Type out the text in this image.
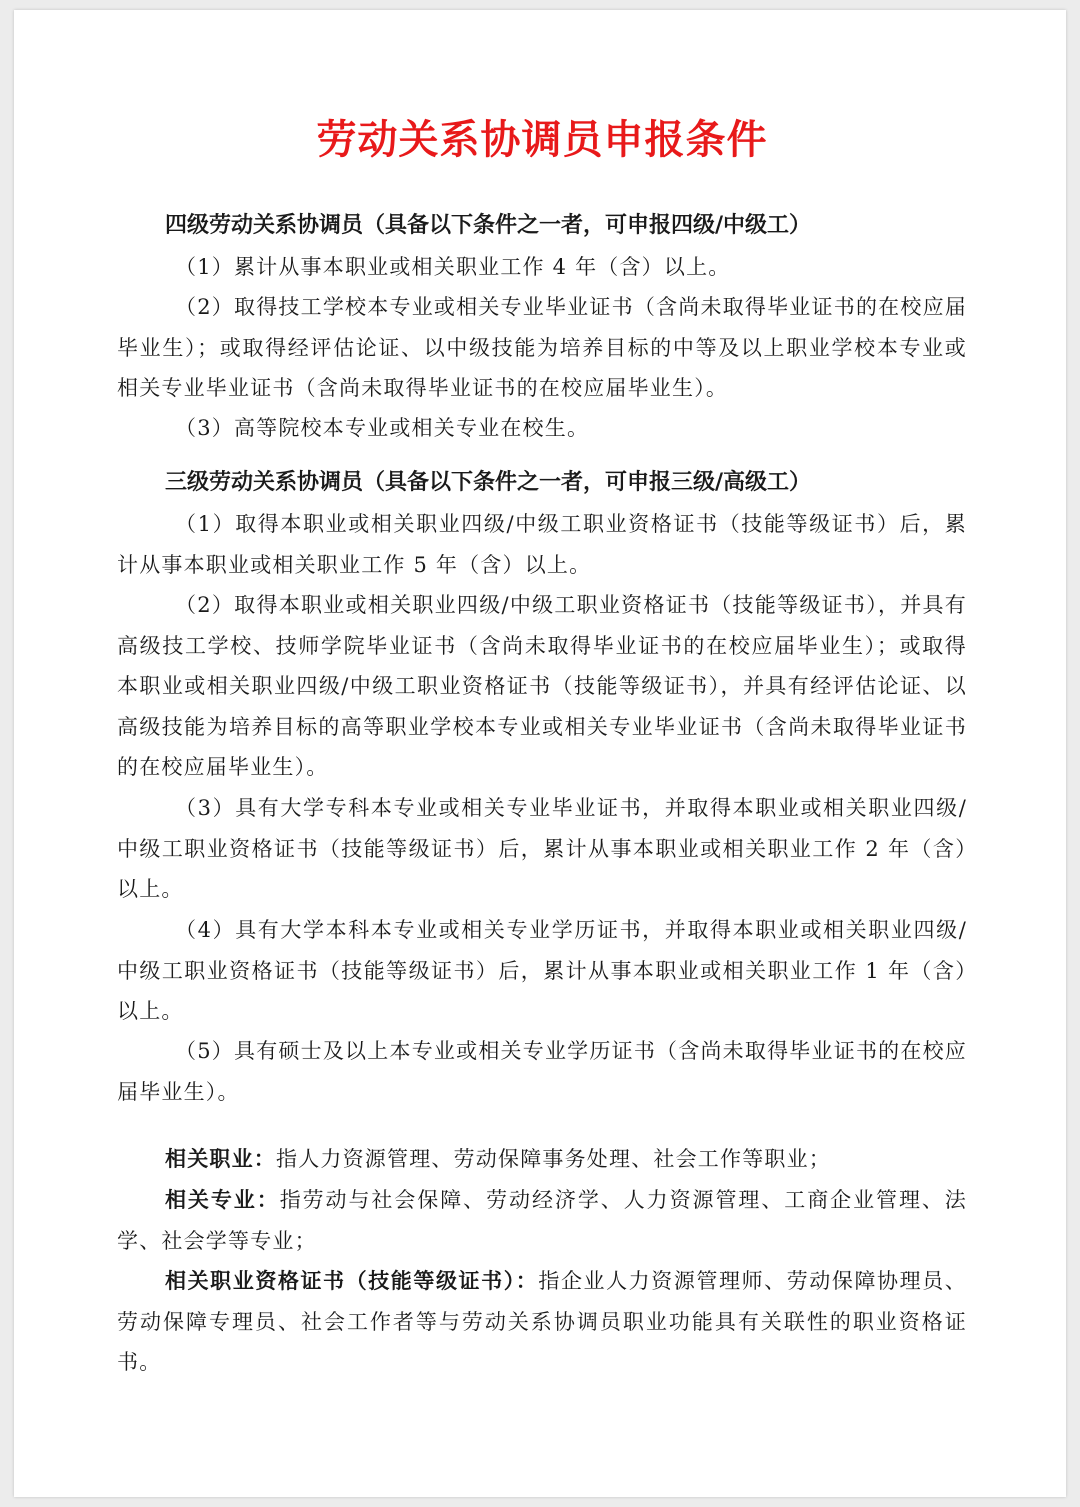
劳动关系协调员申报条件
四级劳动关系协调员（具备以下条件之一者，可申报四级/中级工）
（1）累计从事本职业或相关职业工作 4 年（含）以上。
（2）取得技工学校本专业或相关专业毕业证书（含尚未取得毕业证书的在校应届毕业生）；或取得经评估论证、以中级技能为培养目标的中等及以上职业学校本专业或相关专业毕业证书（含尚未取得毕业证书的在校应届毕业生）。
（3）高等院校本专业或相关专业在校生。
三级劳动关系协调员（具备以下条件之一者，可申报三级/高级工）
（1）取得本职业或相关职业四级/中级工职业资格证书（技能等级证书）后，累计从事本职业或相关职业工作 5 年（含）以上。
（2）取得本职业或相关职业四级/中级工职业资格证书（技能等级证书），并具有高级技工学校、技师学院毕业证书（含尚未取得毕业证书的在校应届毕业生）；或取得本职业或相关职业四级/中级工职业资格证书（技能等级证书），并具有经评估论证、以高级技能为培养目标的高等职业学校本专业或相关专业毕业证书（含尚未取得毕业证书的在校应届毕业生）。
（3）具有大学专科本专业或相关专业毕业证书，并取得本职业或相关职业四级/中级工职业资格证书（技能等级证书）后，累计从事本职业或相关职业工作 2 年（含）以上。
（4）具有大学本科本专业或相关专业学历证书，并取得本职业或相关职业四级/中级工职业资格证书（技能等级证书）后，累计从事本职业或相关职业工作 1 年（含）以上。
（5）具有硕士及以上本专业或相关专业学历证书（含尚未取得毕业证书的在校应届毕业生）。
相关职业：指人力资源管理、劳动保障事务处理、社会工作等职业；
相关专业：指劳动与社会保障、劳动经济学、人力资源管理、工商企业管理、法学、社会学等专业；
相关职业资格证书（技能等级证书）：指企业人力资源管理师、劳动保障协理员、劳动保障专理员、社会工作者等与劳动关系协调员职业功能具有关联性的职业资格证书。
